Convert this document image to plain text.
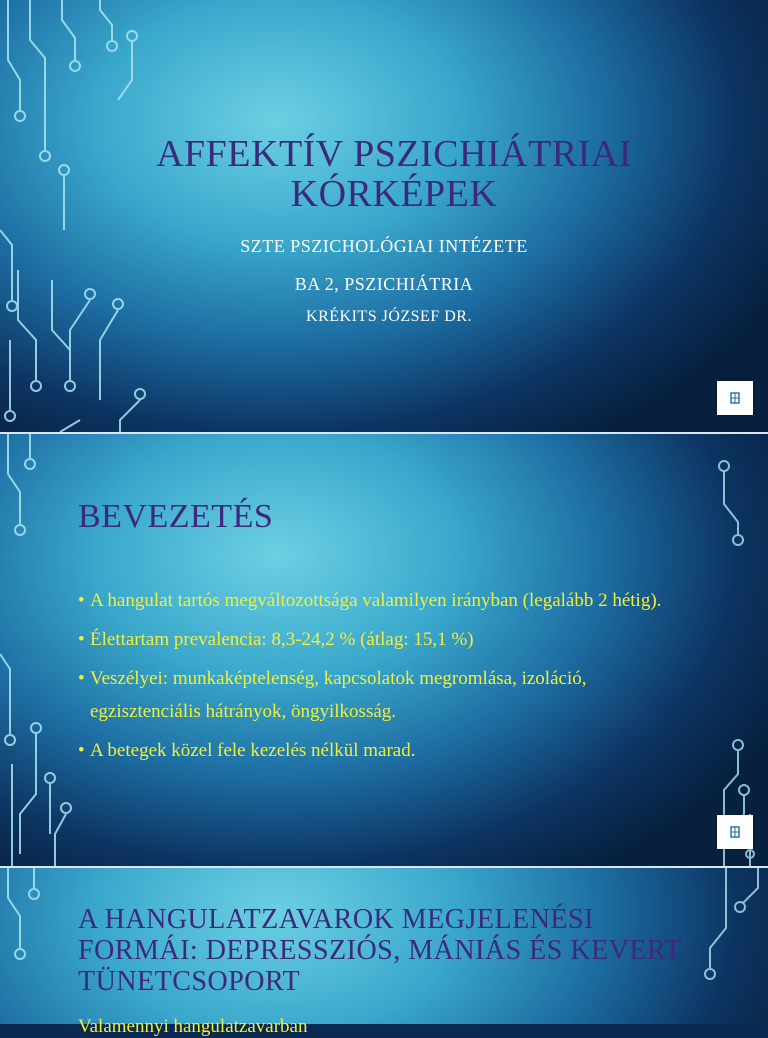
AFFEKTÍV PSZICHIÁTRIAI KÓRKÉPEK
SZTE PSZICHOLÓGIAI INTÉZETE
BA 2, PSZICHIÁTRIA
KRÉKITS JÓZSEF DR.
BEVEZETÉS
• A hangulat tartós megváltozottsága valamilyen irányban (legalább 2 hétig).
• Élettartam prevalencia: 8,3-24,2 % (átlag: 15,1 %)
• Veszélyei: munkaképtelenség, kapcsolatok megromlása, izoláció, egzisztenciális hátrányok, öngyilkosság.
• A betegek közel fele kezelés nélkül marad.
A HANGULATZAVAROK MEGJELENÉSI FORMÁI: DEPRESSZIÓS, MÁNIÁS ÉS KEVERT TÜNETCSOPORT
Valamennyi hangulatzavarban
